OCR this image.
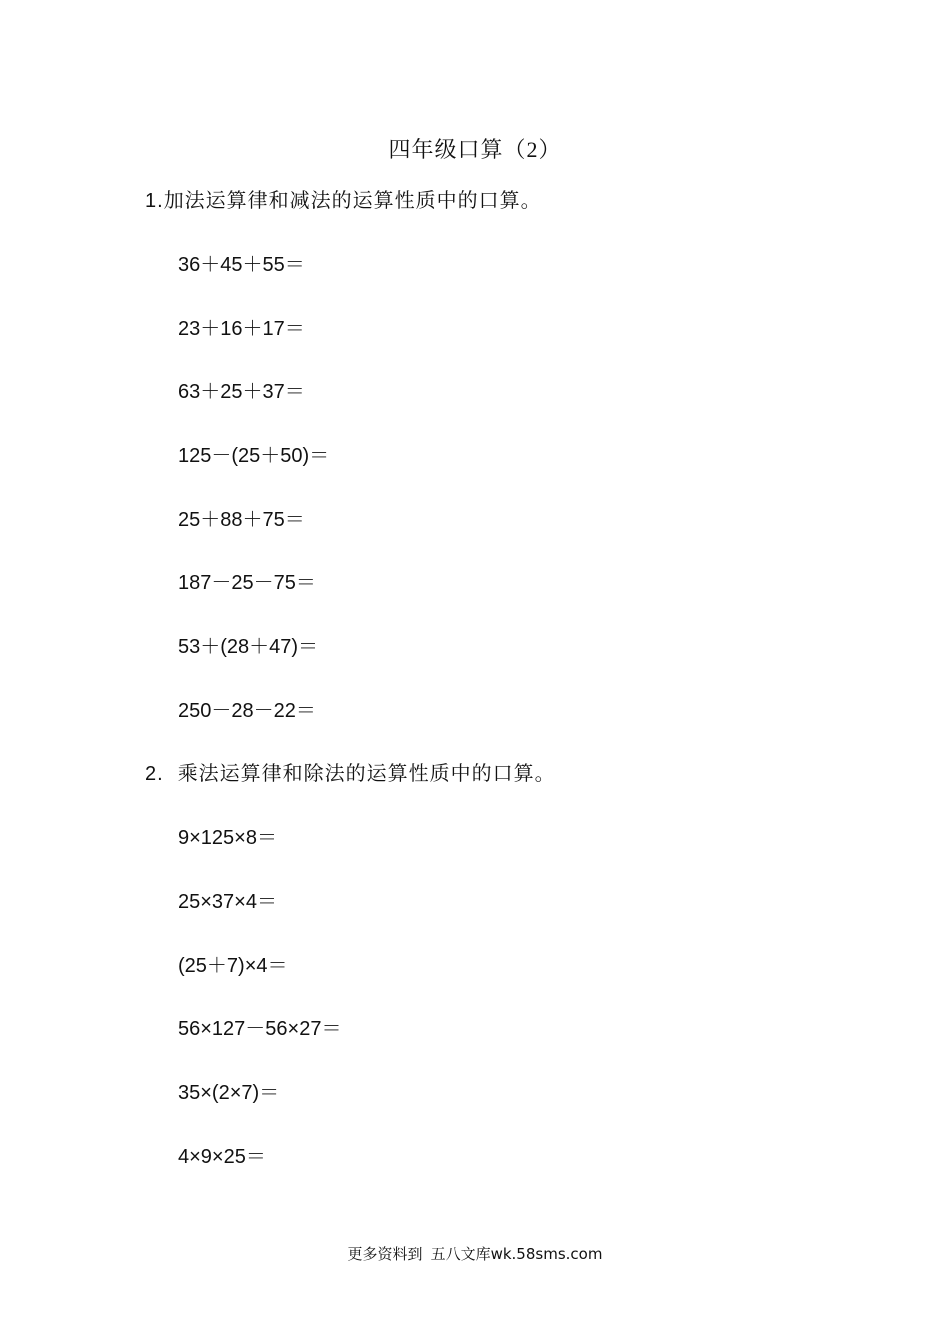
四年级口算（2）
1.加法运算律和减法的运算性质中的口算。
36＋45＋55＝
23＋16＋17＝
63＋25＋37＝
125－(25＋50)＝
25＋88＋75＝
187－25－75＝
53＋(28＋47)＝
250－28－22＝
2. 乘法运算律和除法的运算性质中的口算。
9×125×8＝
25×37×4＝
(25＋7)×4＝
56×127－56×27＝
35×(2×7)＝
4×9×25＝
更多资料到 五八文库wk.58sms.com
